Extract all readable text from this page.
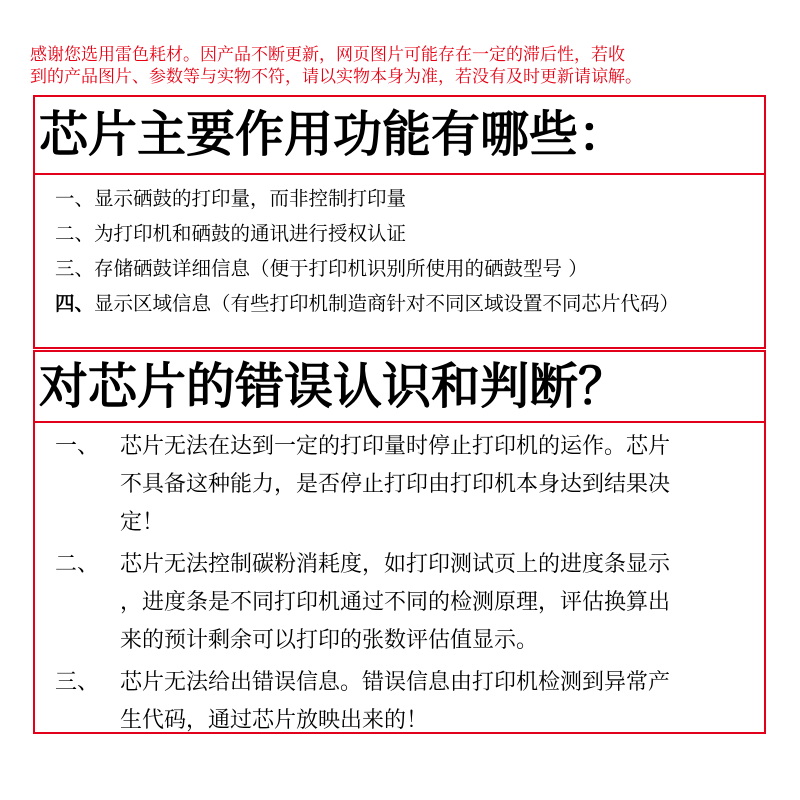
感谢您选用雷色耗材。因产品不断更新，网页图片可能存在一定的滞后性，若收

到的产品图片、参数等与实物不符，请以实物本身为准，若没有及时更新请谅解。

芯片主要作用功能有哪些：
一、显示硒鼓的打印量，而非控制打印量
二、为打印机和硒鼓的通讯进行授权认证
三、存储硒鼓详细信息（便于打印机识别所使用的硒鼓型号 ）
四、显示区域信息（有些打印机制造商针对不同区域设置不同芯片代码）
对芯片的错误认识和判断？
一、 芯片无法在达到一定的打印量时停止打印机的运作。芯片
不具备这种能力，是否停止打印由打印机本身达到结果决
定！
二、 芯片无法控制碳粉消耗度，如打印测试页上的进度条显示
，进度条是不同打印机通过不同的检测原理，评估换算出
来的预计剩余可以打印的张数评估值显示。
三、 芯片无法给出错误信息。错误信息由打印机检测到异常产
生代码，通过芯片放映出来的！
